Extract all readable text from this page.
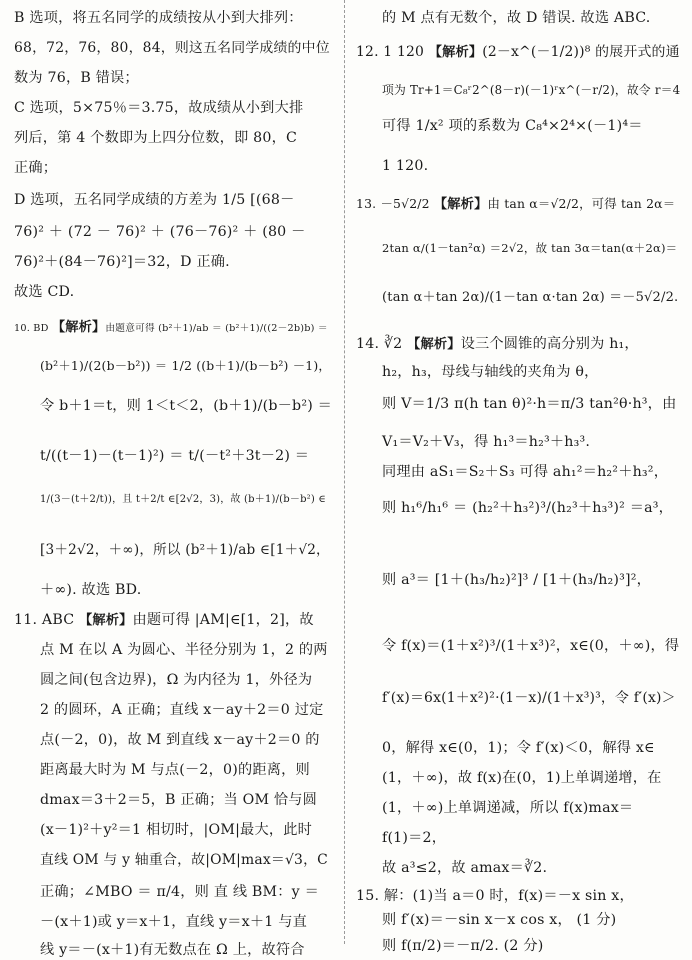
B 选项，将五名同学的成绩按从小到大排列：
68，72，76，80，84，则这五名同学成绩的中位
数为 76，B 错误；
C 选项，5×75％＝3.75，故成绩从小到大排
列后，第 4 个数即为上四分位数，即 80，C
正确；
D 选项，五名同学成绩的方差为 1/5 [(68－
76)² ＋ (72 － 76)² ＋ (76－76)² ＋ (80 －
76)²＋(84－76)²]＝32，D 正确.
故选 CD.
10. BD 【解析】由题意可得 (b²＋1)/ab ＝ (b²＋1)/((2－2b)b) ＝
(b²＋1)/(2(b－b²)) ＝ 1/2 ((b＋1)/(b－b²) －1)，
令 b＋1＝t，则 1＜t＜2，(b＋1)/(b－b²) ＝
t/((t－1)－(t－1)²) ＝ t/(－t²＋3t－2) ＝
1/(3－(t＋2/t))，且 t＋2/t ∈[2√2，3)，故 (b＋1)/(b－b²) ∈
[3＋2√2，＋∞)，所以 (b²＋1)/ab ∈[1＋√2，
＋∞). 故选 BD.
11. ABC 【解析】由题可得 |AM|∈[1，2]，故
点 M 在以 A 为圆心、半径分别为 1，2 的两
圆之间(包含边界)，Ω 为内径为 1，外径为
2 的圆环，A 正确；直线 x－ay＋2＝0 过定
点(－2，0)，故 M 到直线 x－ay＋2＝0 的
距离最大时为 M 与点(－2，0)的距离，则
dmax＝3＋2＝5，B 正确；当 OM 恰与圆
(x－1)²＋y²＝1 相切时，|OM|最大，此时
直线 OM 与 y 轴重合，故|OM|max＝√3，C
正确；∠MBO ＝ π/4，则 直 线 BM：y ＝
－(x＋1)或 y＝x＋1，直线 y＝x＋1 与直
线 y＝－(x＋1)有无数点在 Ω 上，故符合
的 M 点有无数个，故 D 错误. 故选 ABC.
12. 1 120 【解析】(2－x^(－1/2))⁸ 的展开式的通
项为 Tr+1＝C₈ʳ2^(8－r)(－1)ʳx^(－r/2)，故令 r＝4
可得 1/x² 项的系数为 C₈⁴×2⁴×(－1)⁴＝
1 120.
13. －5√2/2 【解析】由 tan α＝√2/2，可得 tan 2α＝
2tan α/(1－tan²α) ＝2√2，故 tan 3α＝tan(α＋2α)＝
(tan α＋tan 2α)/(1－tan α·tan 2α) ＝－5√2/2.
14. ∛2 【解析】设三个圆锥的高分别为 h₁，
h₂，h₃，母线与轴线的夹角为 θ，
则 V＝1/3 π(h tan θ)²·h＝π/3 tan²θ·h³，由
V₁＝V₂＋V₃，得 h₁³＝h₂³＋h₃³.
同理由 aS₁＝S₂＋S₃ 可得 ah₁²＝h₂²＋h₃²，
则 h₁⁶/h₁⁶ ＝ (h₂²＋h₃²)³/(h₂³＋h₃³)² ＝a³，
则 a³＝ [1＋(h₃/h₂)²]³ / [1＋(h₃/h₂)³]²，
令 f(x)＝(1＋x²)³/(1＋x³)²，x∈(0，＋∞)，得
f′(x)＝6x(1＋x²)²·(1－x)/(1＋x³)³，令 f′(x)＞
0，解得 x∈(0，1)；令 f′(x)＜0，解得 x∈
(1，＋∞)，故 f(x)在(0，1)上单调递增，在
(1，＋∞)上单调递减，所以 f(x)max＝
f(1)＝2，
故 a³≤2，故 amax＝∛2.
15. 解：(1)当 a＝0 时，f(x)＝－x sin x，
则 f′(x)＝－sin x－x cos x， (1 分)
则 f(π/2)＝－π/2. (2 分)
